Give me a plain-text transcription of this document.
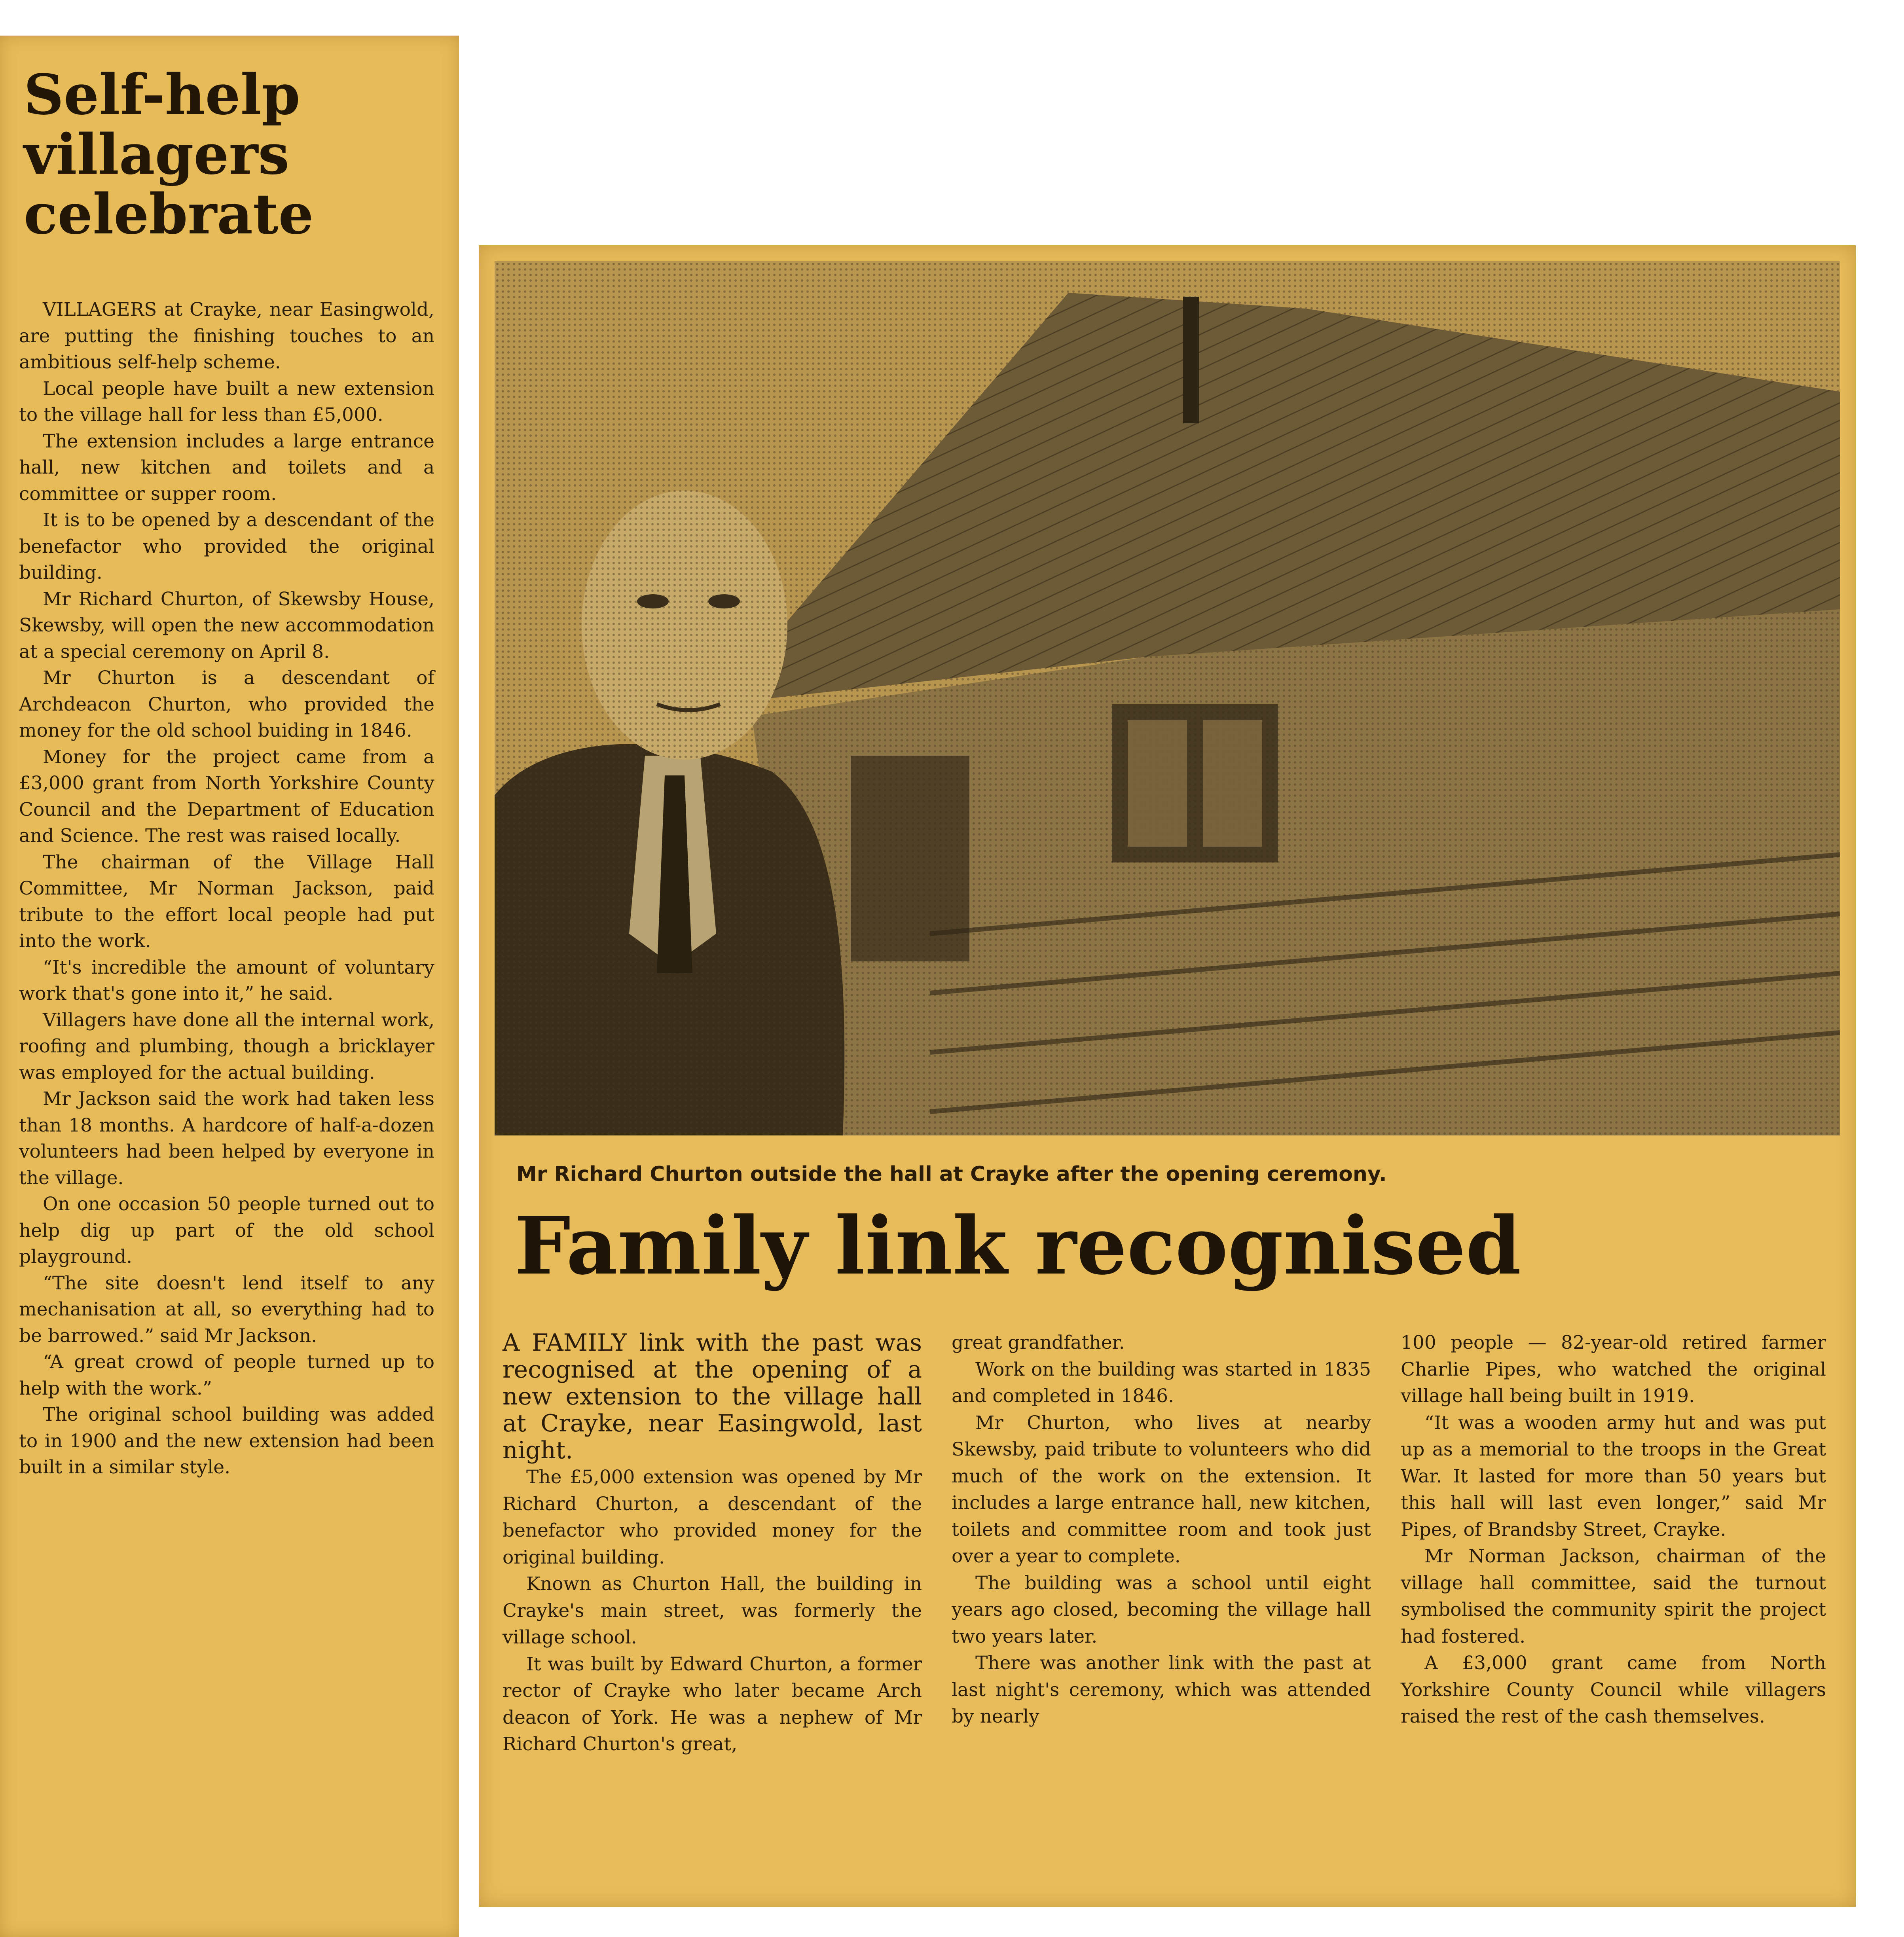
Self-help
villagers
celebrate

VILLAGERS at Crayke, near Easingwold, are putting the finishing touches to an ambitious self-help scheme.

Local people have built a new extension to the village hall for less than £5,000.

The extension includes a large entrance hall, new kitchen and toilets and a committee or supper room.

It is to be opened by a descendant of the benefactor who provided the original building.

Mr Richard Churton, of Skewsby House, Skewsby, will open the new accommodation at a special ceremony on April 8.

Mr Churton is a descendant of Archdeacon Churton, who provided the money for the old school buiding in 1846.

Money for the project came from a £3,000 grant from North Yorkshire County Council and the Department of Education and Science. The rest was raised locally.

The chairman of the Village Hall Committee, Mr Norman Jackson, paid tribute to the effort local people had put into the work.

“It's incredible the amount of voluntary work that's gone into it,” he said.

Villagers have done all the internal work, roofing and plumbing, though a bricklayer was employed for the actual building.

Mr Jackson said the work had taken less than 18 months. A hardcore of half-a-dozen volunteers had been helped by everyone in the village.

On one occasion 50 people turned out to help dig up part of the old school playground.

“The site doesn't lend itself to any mechanisation at all, so everything had to be barrowed.” said Mr Jackson.

“A great crowd of people turned up to help with the work.”

The original school building was added to in 1900 and the new extension had been built in a similar style.

Mr Richard Churton outside the hall at Crayke after the opening ceremony.

Family link recognised

A FAMILY link with the past was recognised at the opening of a new extension to the village hall at Crayke, near Easingwold, last night.

The £5,000 extension was opened by Mr Richard Churton, a descendant of the benefactor who provided money for the original building.

Known as Churton Hall, the building in Crayke's main street, was formerly the village school.

It was built by Edward Churton, a former rector of Crayke who later became Arch deacon of York. He was a nephew of Mr Richard Churton's great,

great grandfather.

Work on the building was started in 1835 and completed in 1846.

Mr Churton, who lives at nearby Skewsby, paid tribute to volunteers who did much of the work on the extension. It includes a large entrance hall, new kitchen, toilets and committee room and took just over a year to complete.

The building was a school until eight years ago closed, becoming the village hall two years later.

There was another link with the past at last night's ceremony, which was attended by nearly

100 people — 82-year-old retired farmer Charlie Pipes, who watched the original village hall being built in 1919.

“It was a wooden army hut and was put up as a memorial to the troops in the Great War. It lasted for more than 50 years but this hall will last even longer,” said Mr Pipes, of Brandsby Street, Crayke.

Mr Norman Jackson, chairman of the village hall committee, said the turnout symbolised the community spirit the project had fostered.

A £3,000 grant came from North Yorkshire County Council while villagers raised the rest of the cash themselves.
